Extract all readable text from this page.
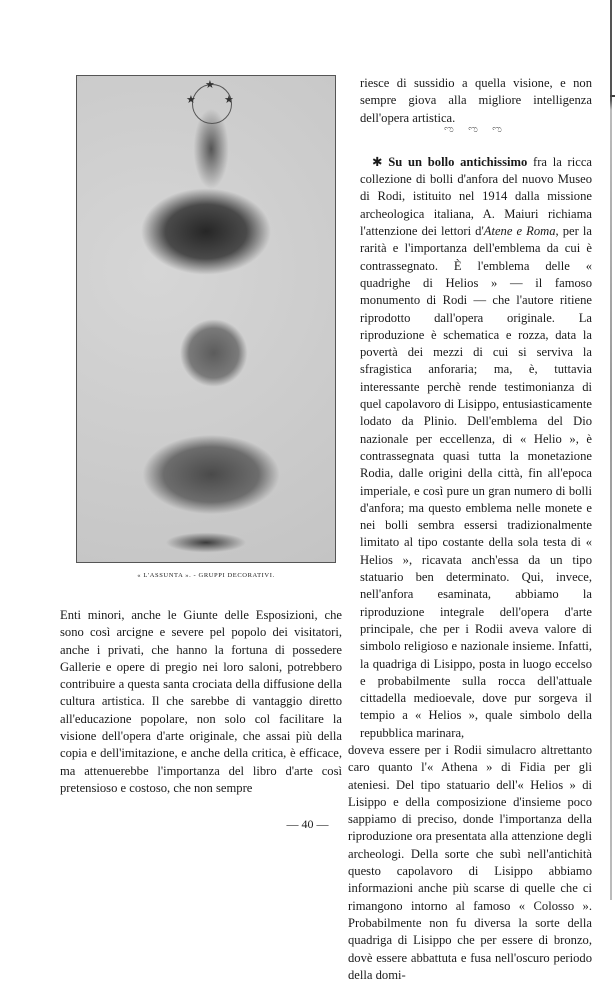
★
★	★
« L'ASSUNTA ». - GRUPPI DECORATIVI.

Enti minori, anche le Giunte delle Esposizioni, che sono così arcigne e severe pel popolo dei visitatori, anche i privati, che hanno la fortuna di possedere Gallerie e opere di pregio nei loro saloni, potrebbero contribuire a questa santa crociata della diffusione della cultura artistica. Il che sarebbe di vantaggio diretto all'educazione popolare, non solo col facilitare la visione dell'opera d'arte originale, che assai più della copia e dell'imitazione, e anche della critica, è efficace, ma attenuerebbe l'importanza del libro d'arte così pretensioso e costoso, che non sempre

riesce di sussidio a quella visione, e non sempre giova alla migliore intelligenza dell'opera artistica.

✱ Su un bollo antichissimo fra la ricca collezione di bolli d'anfora del nuovo Museo di Rodi, istituito nel 1914 dalla missione archeologica italiana, A. Maiuri richiama l'attenzione dei lettori d'Atene e Roma, per la rarità e l'importanza dell'emblema da cui è contrassegnato. È l'emblema delle « quadrighe di Helios » — il famoso monumento di Rodi — che l'autore ritiene riprodotto dall'opera originale. La riproduzione è schematica e rozza, data la povertà dei mezzi di cui si serviva la sfragistica anforaria; ma, è, tuttavia interessante perchè rende testimonianza di quel capolavoro di Lisippo, entusiasticamente lodato da Plinio. Dell'emblema del Dio nazionale per eccellenza, di « Helio », è contrassegnata quasi tutta la monetazione Rodia, dalle origini della città, fin all'epoca imperiale, e così pure un gran numero di bolli d'anfora; ma questo emblema nelle monete e nei bolli sembra essersi tradizionalmente limitato al tipo costante della sola testa di « Helios », ricavata anch'essa da un tipo statuario ben determinato. Qui, invece, nell'anfora esaminata, abbiamo la riproduzione integrale dell'opera d'arte principale, che per i Rodii aveva valore di simbolo religioso e nazionale insieme. Infatti, la quadriga di Lisippo, posta in luogo eccelso e probabilmente sulla rocca dell'attuale cittadella medioevale, dove pur sorgeva il tempio a « Helios », quale simbolo della repubblica marinara,

doveva essere per i Rodii simulacro altrettanto caro quanto l'« Athena » di Fidia per gli ateniesi. Del tipo statuario dell'« Helios » di Lisippo e della composizione d'insieme poco sappiamo di preciso, donde l'importanza della riproduzione ora presentata alla attenzione degli archeologi. Della sorte che subì nell'antichità questo capolavoro di Lisippo abbiamo informazioni anche più scarse di quelle che ci rimangono intorno al famoso « Colosso ». Probabilmente non fu diversa la sorte della quadriga di Lisippo che per essere di bronzo, dovè essere abbattuta e fusa nell'oscuro periodo della domi-

ಌ ಌ ಌ
— 40 —
